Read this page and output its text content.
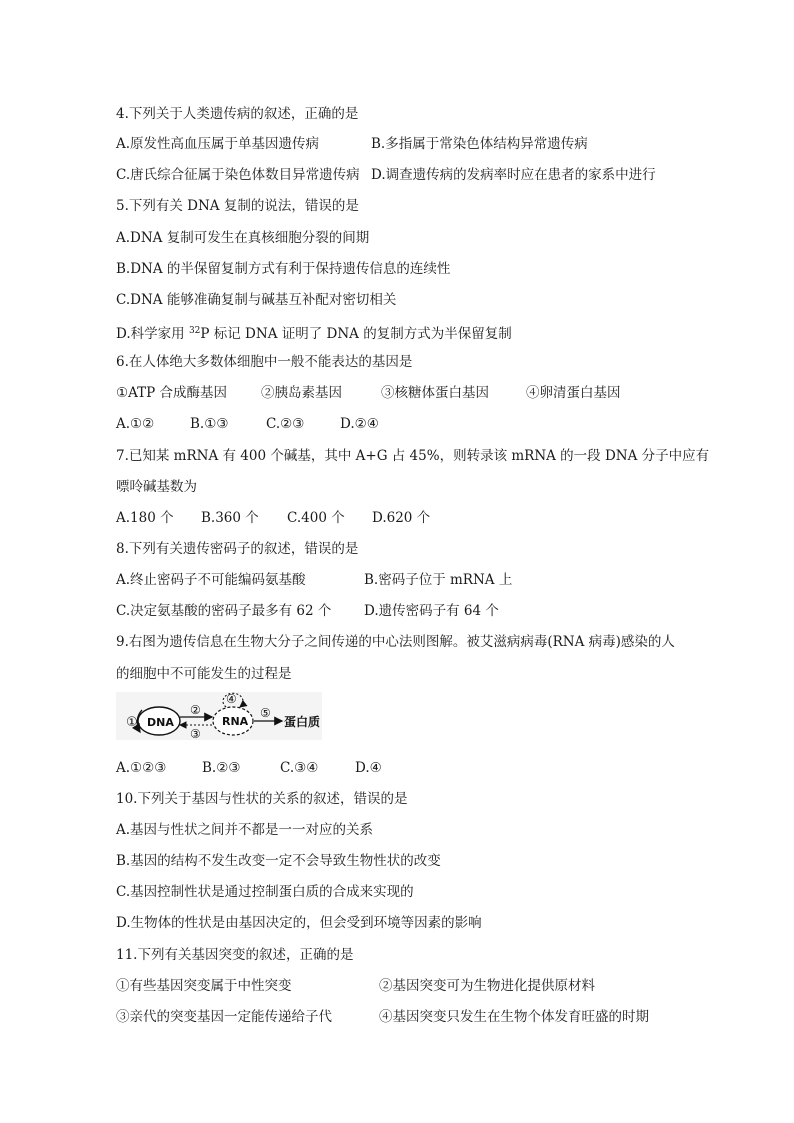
4.下列关于人类遗传病的叙述，正确的是
A.原发性高血压属于单基因遗传病	B.多指属于常染色体结构异常遗传病
C.唐氏综合征属于染色体数目异常遗传病 D.调查遗传病的发病率时应在患者的家系中进行
5.下列有关 DNA 复制的说法，错误的是
A.DNA 复制可发生在真核细胞分裂的间期
B.DNA 的半保留复制方式有利于保持遗传信息的连续性
C.DNA 能够准确复制与碱基互补配对密切相关
D.科学家用 $^{32}$P 标记 DNA 证明了 DNA 的复制方式为半保留复制
6.在人体绝大多数体细胞中一般不能表达的基因是
①ATP 合成酶基因	②胰岛素基因	③核糖体蛋白基因	④卵清蛋白基因
A.①②	B.①③	C.②③	D.②④
7.已知某 mRNA 有 400 个碱基，其中 A+G 占 45%，则转录该 mRNA 的一段 DNA 分子中应有
嘌呤碱基数为
A.180 个 B.360 个 C.400 个 D.620 个
8.下列有关遗传密码子的叙述，错误的是
A.终止密码子不可能编码氨基酸	B.密码子位于 mRNA 上
C.决定氨基酸的密码子最多有 62 个 D.遗传密码子有 64 个
9.右图为遗传信息在生物大分子之间传递的中心法则图解。被艾滋病病毒(RNA 病毒)感染的人
的细胞中不可能发生的过程是
① DNA
②
③
④
RNA
⑤
蛋白质
A.①②③	B.②③	C.③④	D.④
10.下列关于基因与性状的关系的叙述，错误的是
A.基因与性状之间并不都是一一对应的关系
B.基因的结构不发生改变一定不会导致生物性状的改变
C.基因控制性状是通过控制蛋白质的合成来实现的
D.生物体的性状是由基因决定的，但会受到环境等因素的影响
11.下列有关基因突变的叙述，正确的是
①有些基因突变属于中性突变	②基因突变可为生物进化提供原材料
③亲代的突变基因一定能传递给子代	④基因突变只发生在生物个体发育旺盛的时期
